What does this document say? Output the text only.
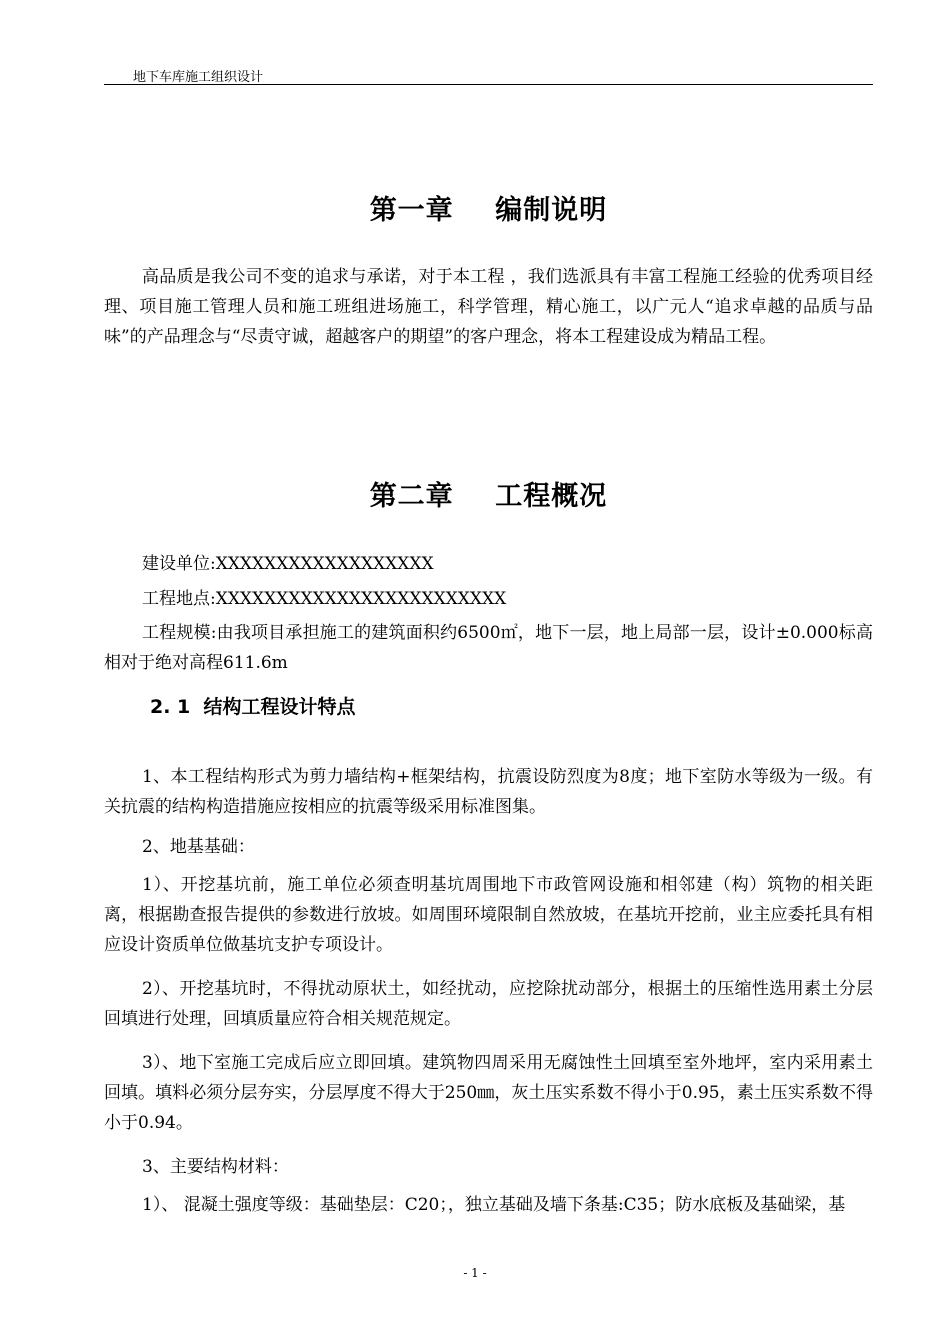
地下车库施工组织设计
第一章    编制说明
高品质是我公司不变的追求与承诺，对于本工程 ，我们选派具有丰富工程施工经验的优秀项目经理、项目施工管理人员和施工班组进场施工，科学管理，精心施工，以广元人“追求卓越的品质与品味”的产品理念与“尽责守诚，超越客户的期望”的客户理念，将本工程建设成为精品工程。
第二章    工程概况
建设单位:XXXXXXXXXXXXXXXXXX
工程地点:XXXXXXXXXXXXXXXXXXXXXXXX
工程规模:由我项目承担施工的建筑面积约6500㎡，地下一层，地上局部一层，设计±0.000标高相对于绝对高程611.6m
2. 1  结构工程设计特点
1、本工程结构形式为剪力墙结构+框架结构，抗震设防烈度为8度；地下室防水等级为一级。有关抗震的结构构造措施应按相应的抗震等级采用标准图集。
2、地基基础：
1）、开挖基坑前，施工单位必须查明基坑周围地下市政管网设施和相邻建（构）筑物的相关距离，根据勘查报告提供的参数进行放坡。如周围环境限制自然放坡，在基坑开挖前，业主应委托具有相应设计资质单位做基坑支护专项设计。
2）、开挖基坑时，不得扰动原状土，如经扰动，应挖除扰动部分，根据土的压缩性选用素土分层回填进行处理，回填质量应符合相关规范规定。
3）、地下室施工完成后应立即回填。建筑物四周采用无腐蚀性土回填至室外地坪，室内采用素土回填。填料必须分层夯实，分层厚度不得大于250㎜，灰土压实系数不得小于0.95，素土压实系数不得小于0.94。
3、主要结构材料：
1）、 混凝土强度等级：基础垫层：C20；，独立基础及墙下条基:C35；防水底板及基础梁，基
- 1 -
